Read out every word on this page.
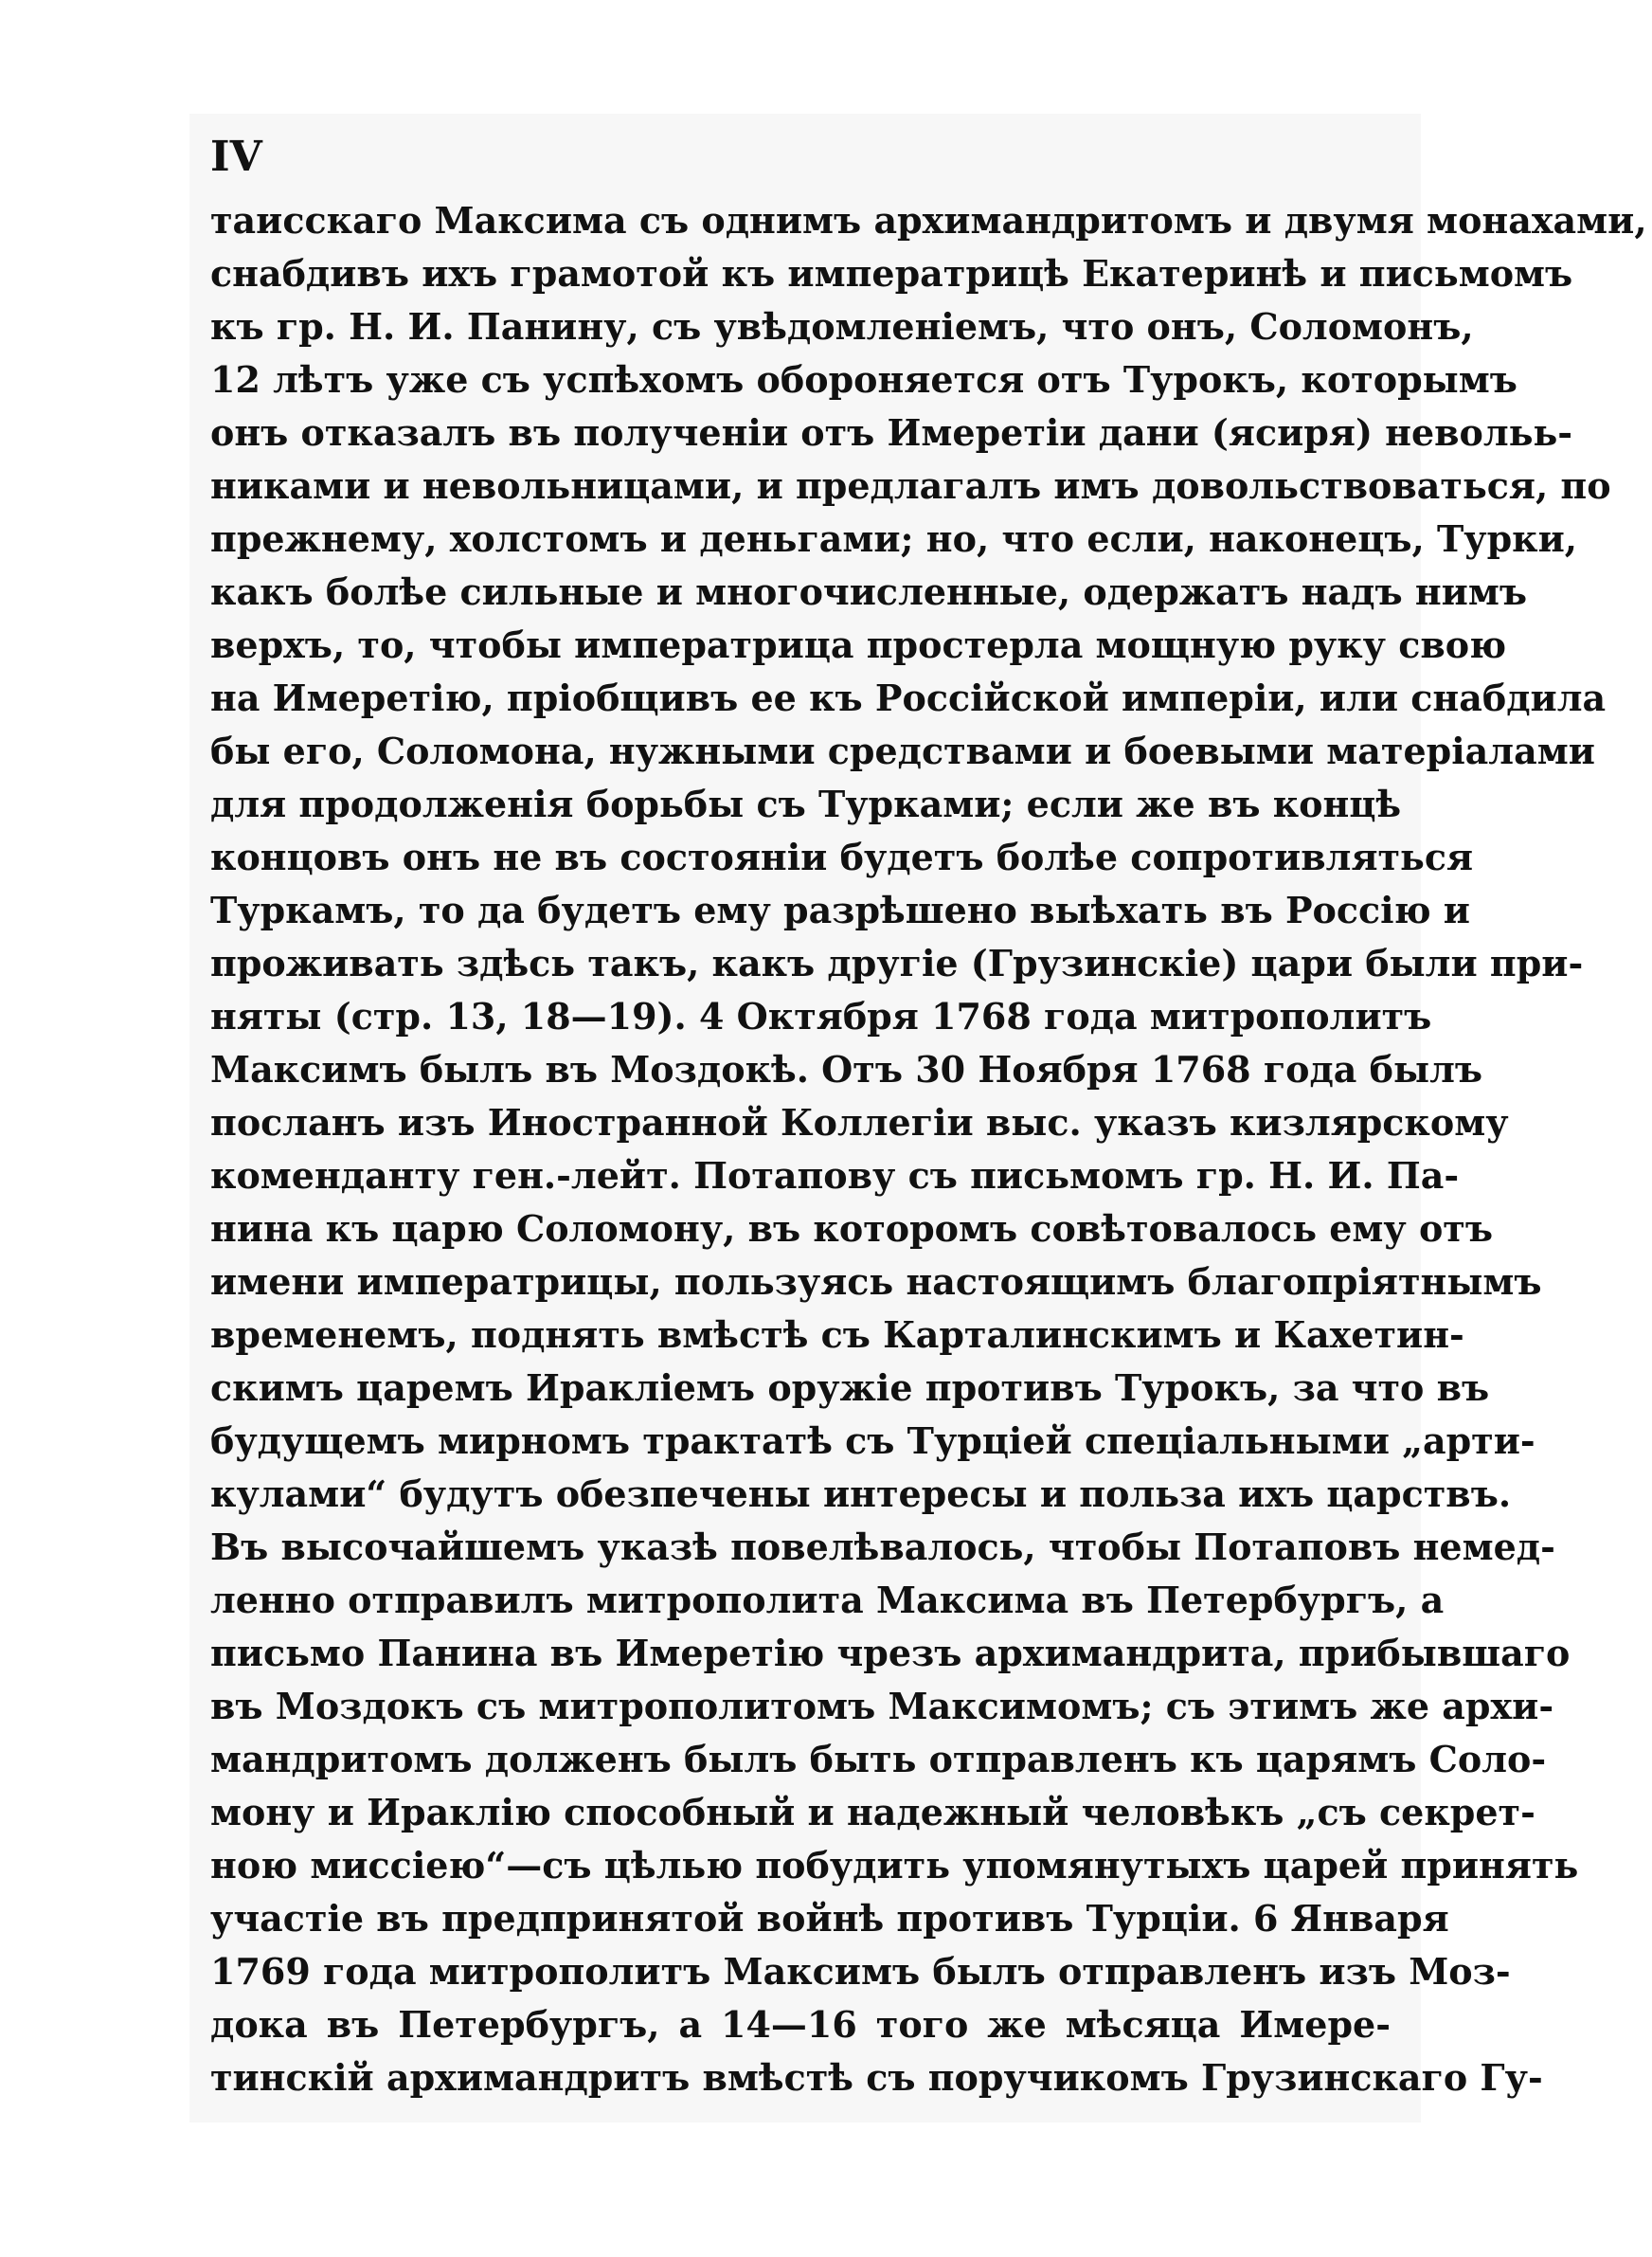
IV
таисскаго Максима съ однимъ архимандритомъ и двумя монахами,
снабдивъ ихъ грамотой къ императрицѣ Екатеринѣ и письмомъ
къ гр. Н. И. Панину, съ увѣдомленіемъ, что онъ, Соломонъ,
12 лѣтъ уже съ успѣхомъ обороняется отъ Турокъ, которымъ
онъ отказалъ въ полученіи отъ Имеретіи дани (ясиря) невольь-
никами и невольницами, и предлагалъ имъ довольствоваться, по
прежнему, холстомъ и деньгами; но, что если, наконецъ, Турки,
какъ болѣе сильные и многочисленные, одержатъ надъ нимъ
верхъ, то, чтобы императрица простерла мощную руку свою
на Имеретію, пріобщивъ ее къ Россійской имперіи, или снабдила
бы его, Соломона, нужными средствами и боевыми матеріалами
для продолженія борьбы съ Турками; если же въ концѣ
концовъ онъ не въ состояніи будетъ болѣе сопротивляться
Туркамъ, то да будетъ ему разрѣшено выѣхать въ Россію и
проживать здѣсь такъ, какъ другіе (Грузинскіе) цари были при-
няты (стр. 13, 18—19). 4 Октября 1768 года митрополитъ
Максимъ былъ въ Моздокѣ. Отъ 30 Ноября 1768 года былъ
посланъ изъ Иностранной Коллегіи выс. указъ кизлярскому
коменданту ген.-лейт. Потапову съ письмомъ гр. Н. И. Па-
нина къ царю Соломону, въ которомъ совѣтовалось ему отъ
имени императрицы, пользуясь настоящимъ благопріятнымъ
временемъ, поднять вмѣстѣ съ Карталинскимъ и Кахетин-
скимъ царемъ Иракліемъ оружіе противъ Турокъ, за что въ
будущемъ мирномъ трактатѣ съ Турціей спеціальными „арти-
кулами“ будутъ обезпечены интересы и польза ихъ царствъ.
Въ высочайшемъ указѣ повелѣвалось, чтобы Потаповъ немед-
ленно отправилъ митрополита Максима въ Петербургъ, а
письмо Панина въ Имеретію чрезъ архимандрита, прибывшаго
въ Моздокъ съ митрополитомъ Максимомъ; съ этимъ же архи-
мандритомъ долженъ былъ быть отправленъ къ царямъ Соло-
мону и Ираклію способный и надежный человѣкъ „съ секрет-
ною миссіею“—съ цѣлью побудить упомянутыхъ царей принять
участіе въ предпринятой войнѣ противъ Турціи. 6 Января
1769 года митрополитъ Максимъ былъ отправленъ изъ Моз-
дока въ Петербургъ, а 14—16 того же мѣсяца Имере-
тинскій архимандритъ вмѣстѣ съ поручикомъ Грузинскаго Гу-
